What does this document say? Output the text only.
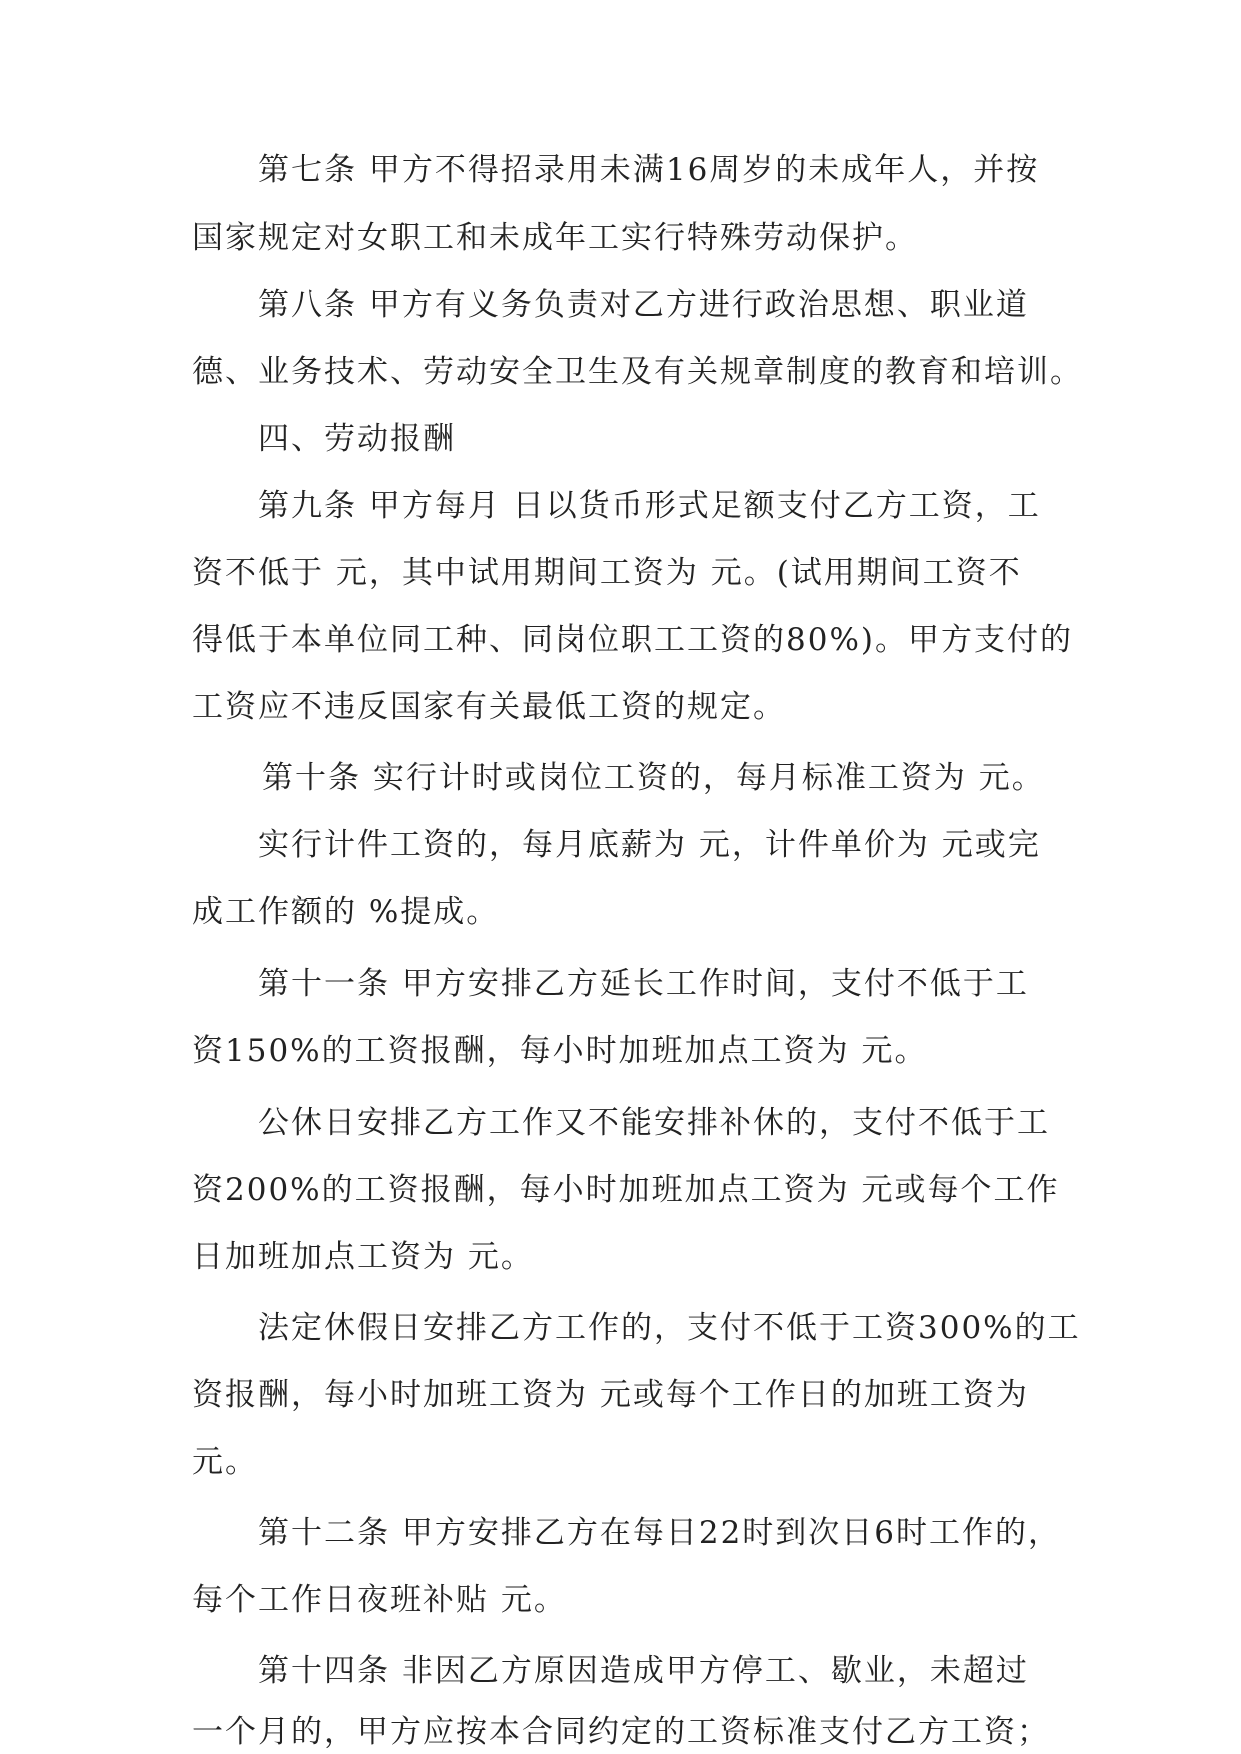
第七条 甲方不得招录用未满16周岁的未成年人，并按
国家规定对女职工和未成年工实行特殊劳动保护。
第八条 甲方有义务负责对乙方进行政治思想、职业道
德、业务技术、劳动安全卫生及有关规章制度的教育和培训。
四、劳动报酬
第九条 甲方每月 日以货币形式足额支付乙方工资，工
资不低于 元，其中试用期间工资为 元。(试用期间工资不
得低于本单位同工种、同岗位职工工资的80%)。甲方支付的
工资应不违反国家有关最低工资的规定。
第十条 实行计时或岗位工资的，每月标准工资为 元。
实行计件工资的，每月底薪为 元，计件单价为 元或完
成工作额的 %提成。
第十一条 甲方安排乙方延长工作时间，支付不低于工
资150%的工资报酬，每小时加班加点工资为 元。
公休日安排乙方工作又不能安排补休的，支付不低于工
资200%的工资报酬，每小时加班加点工资为 元或每个工作
日加班加点工资为 元。
法定休假日安排乙方工作的，支付不低于工资300%的工
资报酬，每小时加班工资为 元或每个工作日的加班工资为
元。
第十二条 甲方安排乙方在每日22时到次日6时工作的，
每个工作日夜班补贴 元。
第十四条 非因乙方原因造成甲方停工、歇业，未超过
一个月的，甲方应按本合同约定的工资标准支付乙方工资；
